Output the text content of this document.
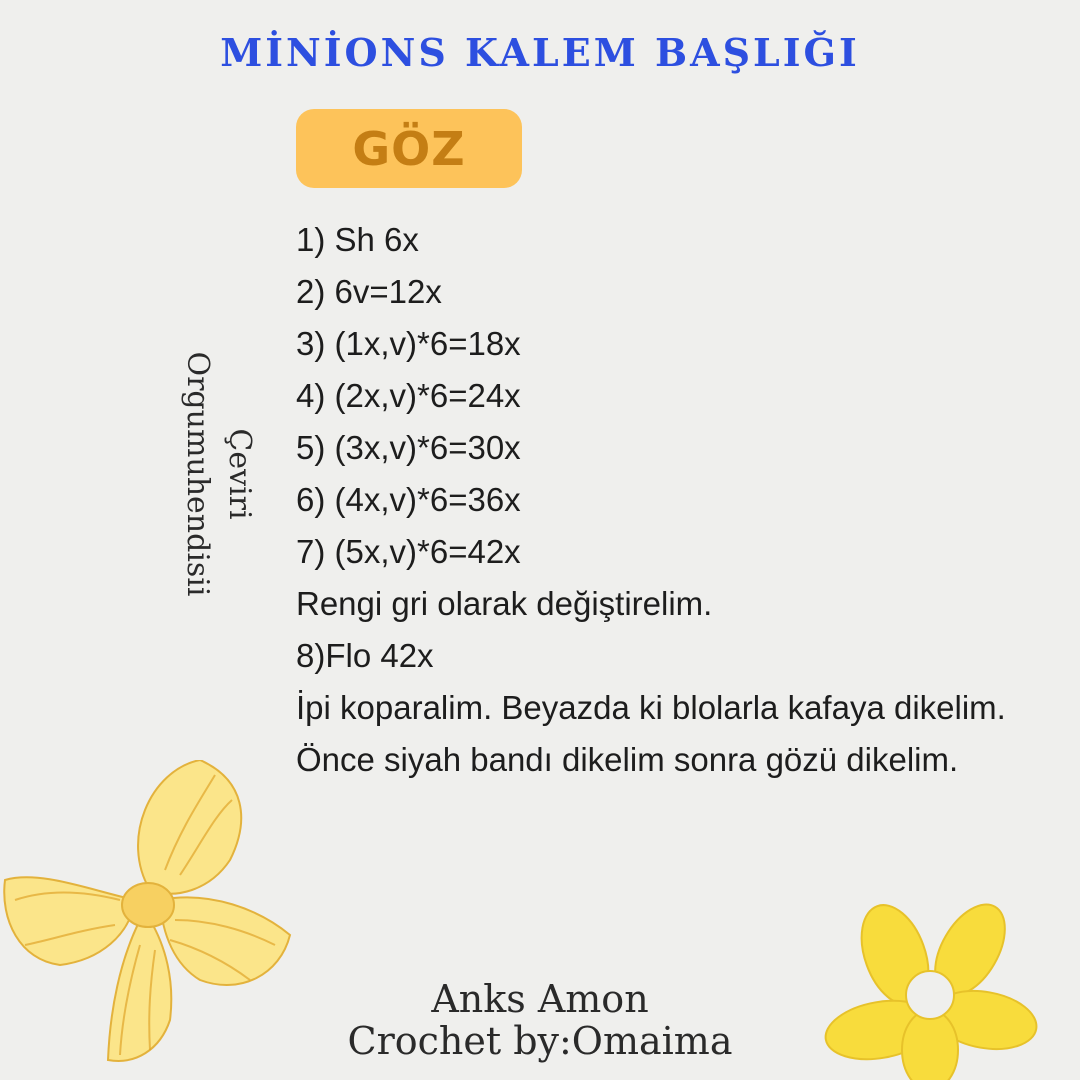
MİNİONS KALEM BAŞLIĞI
GÖZ
1) Sh 6x
2) 6v=12x
3) (1x,v)*6=18x
4) (2x,v)*6=24x
5) (3x,v)*6=30x
6) (4x,v)*6=36x
7) (5x,v)*6=42x
Rengi gri olarak değiştirelim.
8)Flo 42x
İpi koparalim. Beyazda ki blolarla kafaya dikelim. Önce siyah bandı dikelim sonra gözü dikelim.
Çeviri
Orgumuhendisii
Anks Amon
Crochet by:Omaima
